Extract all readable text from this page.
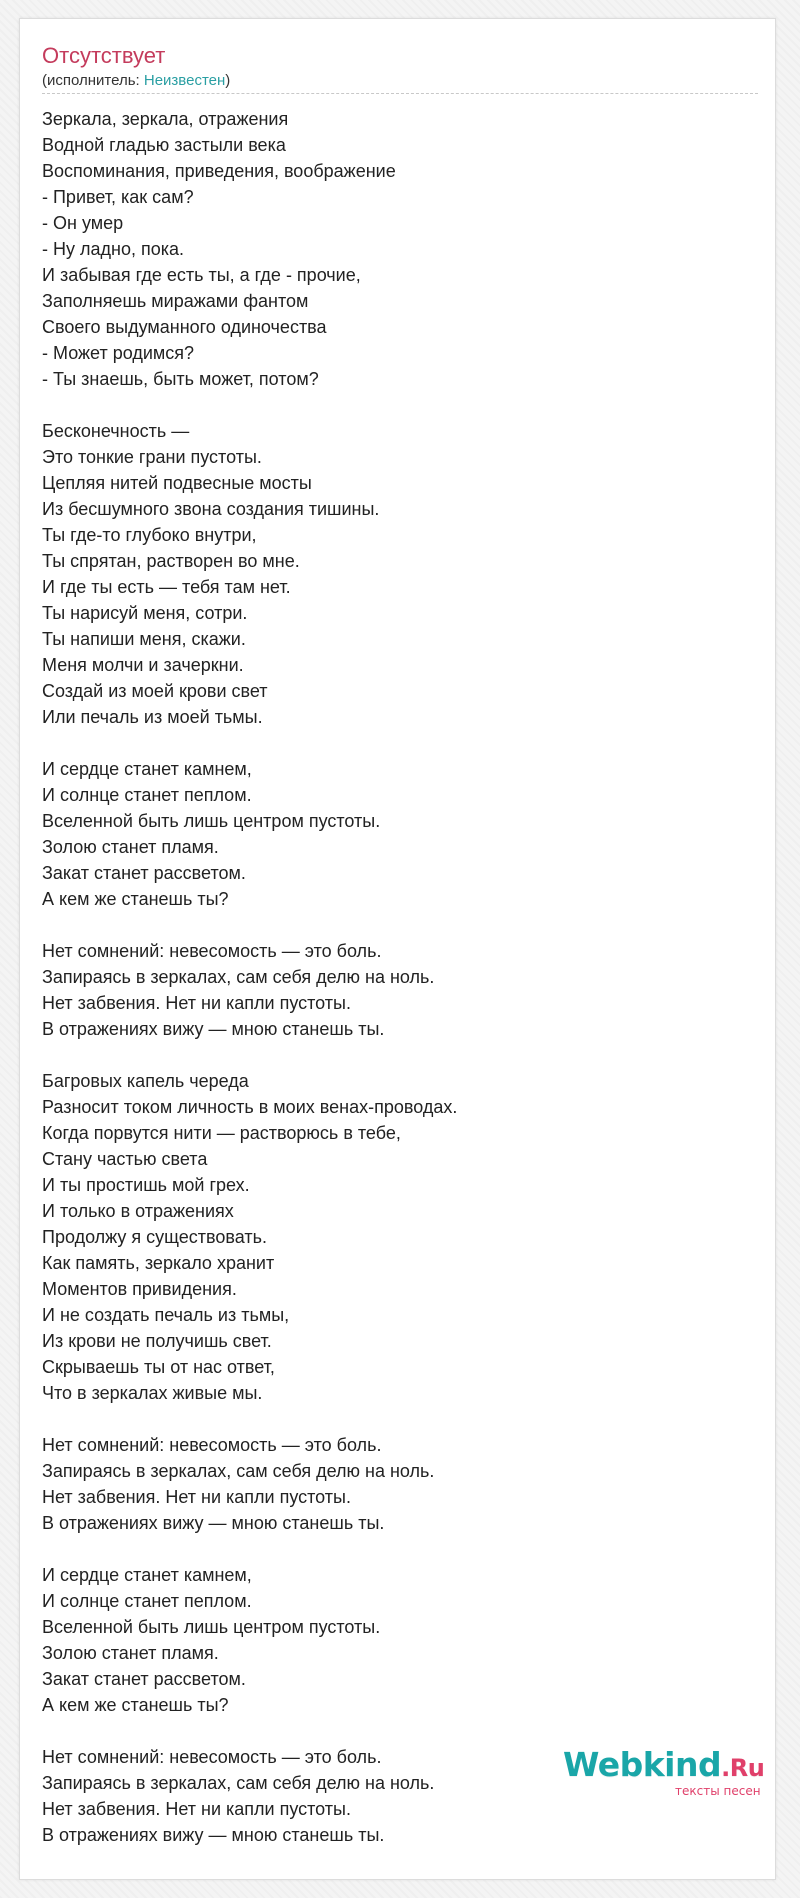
Отсутствует
(исполнитель: Неизвестен)
Зеркала, зеркала, отражения
Водной гладью застыли века
Воспоминания, приведения, воображение
- Привет, как сам?
- Он умер
- Ну ладно, пока.
И забывая где есть ты, а где - прочие,
Заполняешь миражами фантом
Своего выдуманного одиночества
- Может родимся?
- Ты знаешь, быть может, потом?

Бесконечность —
Это тонкие грани пустоты.
Цепляя нитей подвесные мосты
Из бесшумного звона создания тишины.
Ты где-то глубоко внутри,
Ты спрятан, растворен во мне.
И где ты есть — тебя там нет.
Ты нарисуй меня, сотри.
Ты напиши меня, скажи.
Меня молчи и зачеркни.
Создай из моей крови свет
Или печаль из моей тьмы.

И сердце станет камнем,
И солнце станет пеплом.
Вселенной быть лишь центром пустоты.
Золою станет пламя.
Закат станет рассветом.
А кем же станешь ты?

Нет сомнений: невесомость — это боль.
Запираясь в зеркалах, сам себя делю на ноль.
Нет забвения. Нет ни капли пустоты.
В отражениях вижу — мною станешь ты.

Багровых капель череда
Разносит током личность в моих венах-проводах.
Когда порвутся нити — растворюсь в тебе,
Стану частью света
И ты простишь мой грех.
И только в отражениях
Продолжу я существовать.
Как память, зеркало хранит
Моментов привидения.
И не создать печаль из тьмы,
Из крови не получишь свет.
Скрываешь ты от нас ответ,
Что в зеркалах живые мы.

Нет сомнений: невесомость — это боль.
Запираясь в зеркалах, сам себя делю на ноль.
Нет забвения. Нет ни капли пустоты.
В отражениях вижу — мною станешь ты.

И сердце станет камнем,
И солнце станет пеплом.
Вселенной быть лишь центром пустоты.
Золою станет пламя.
Закат станет рассветом.
А кем же станешь ты?

Нет сомнений: невесомость — это боль.
Запираясь в зеркалах, сам себя делю на ноль.
Нет забвения. Нет ни капли пустоты.
В отражениях вижу — мною станешь ты.
Webkind.Ru
тексты песен
